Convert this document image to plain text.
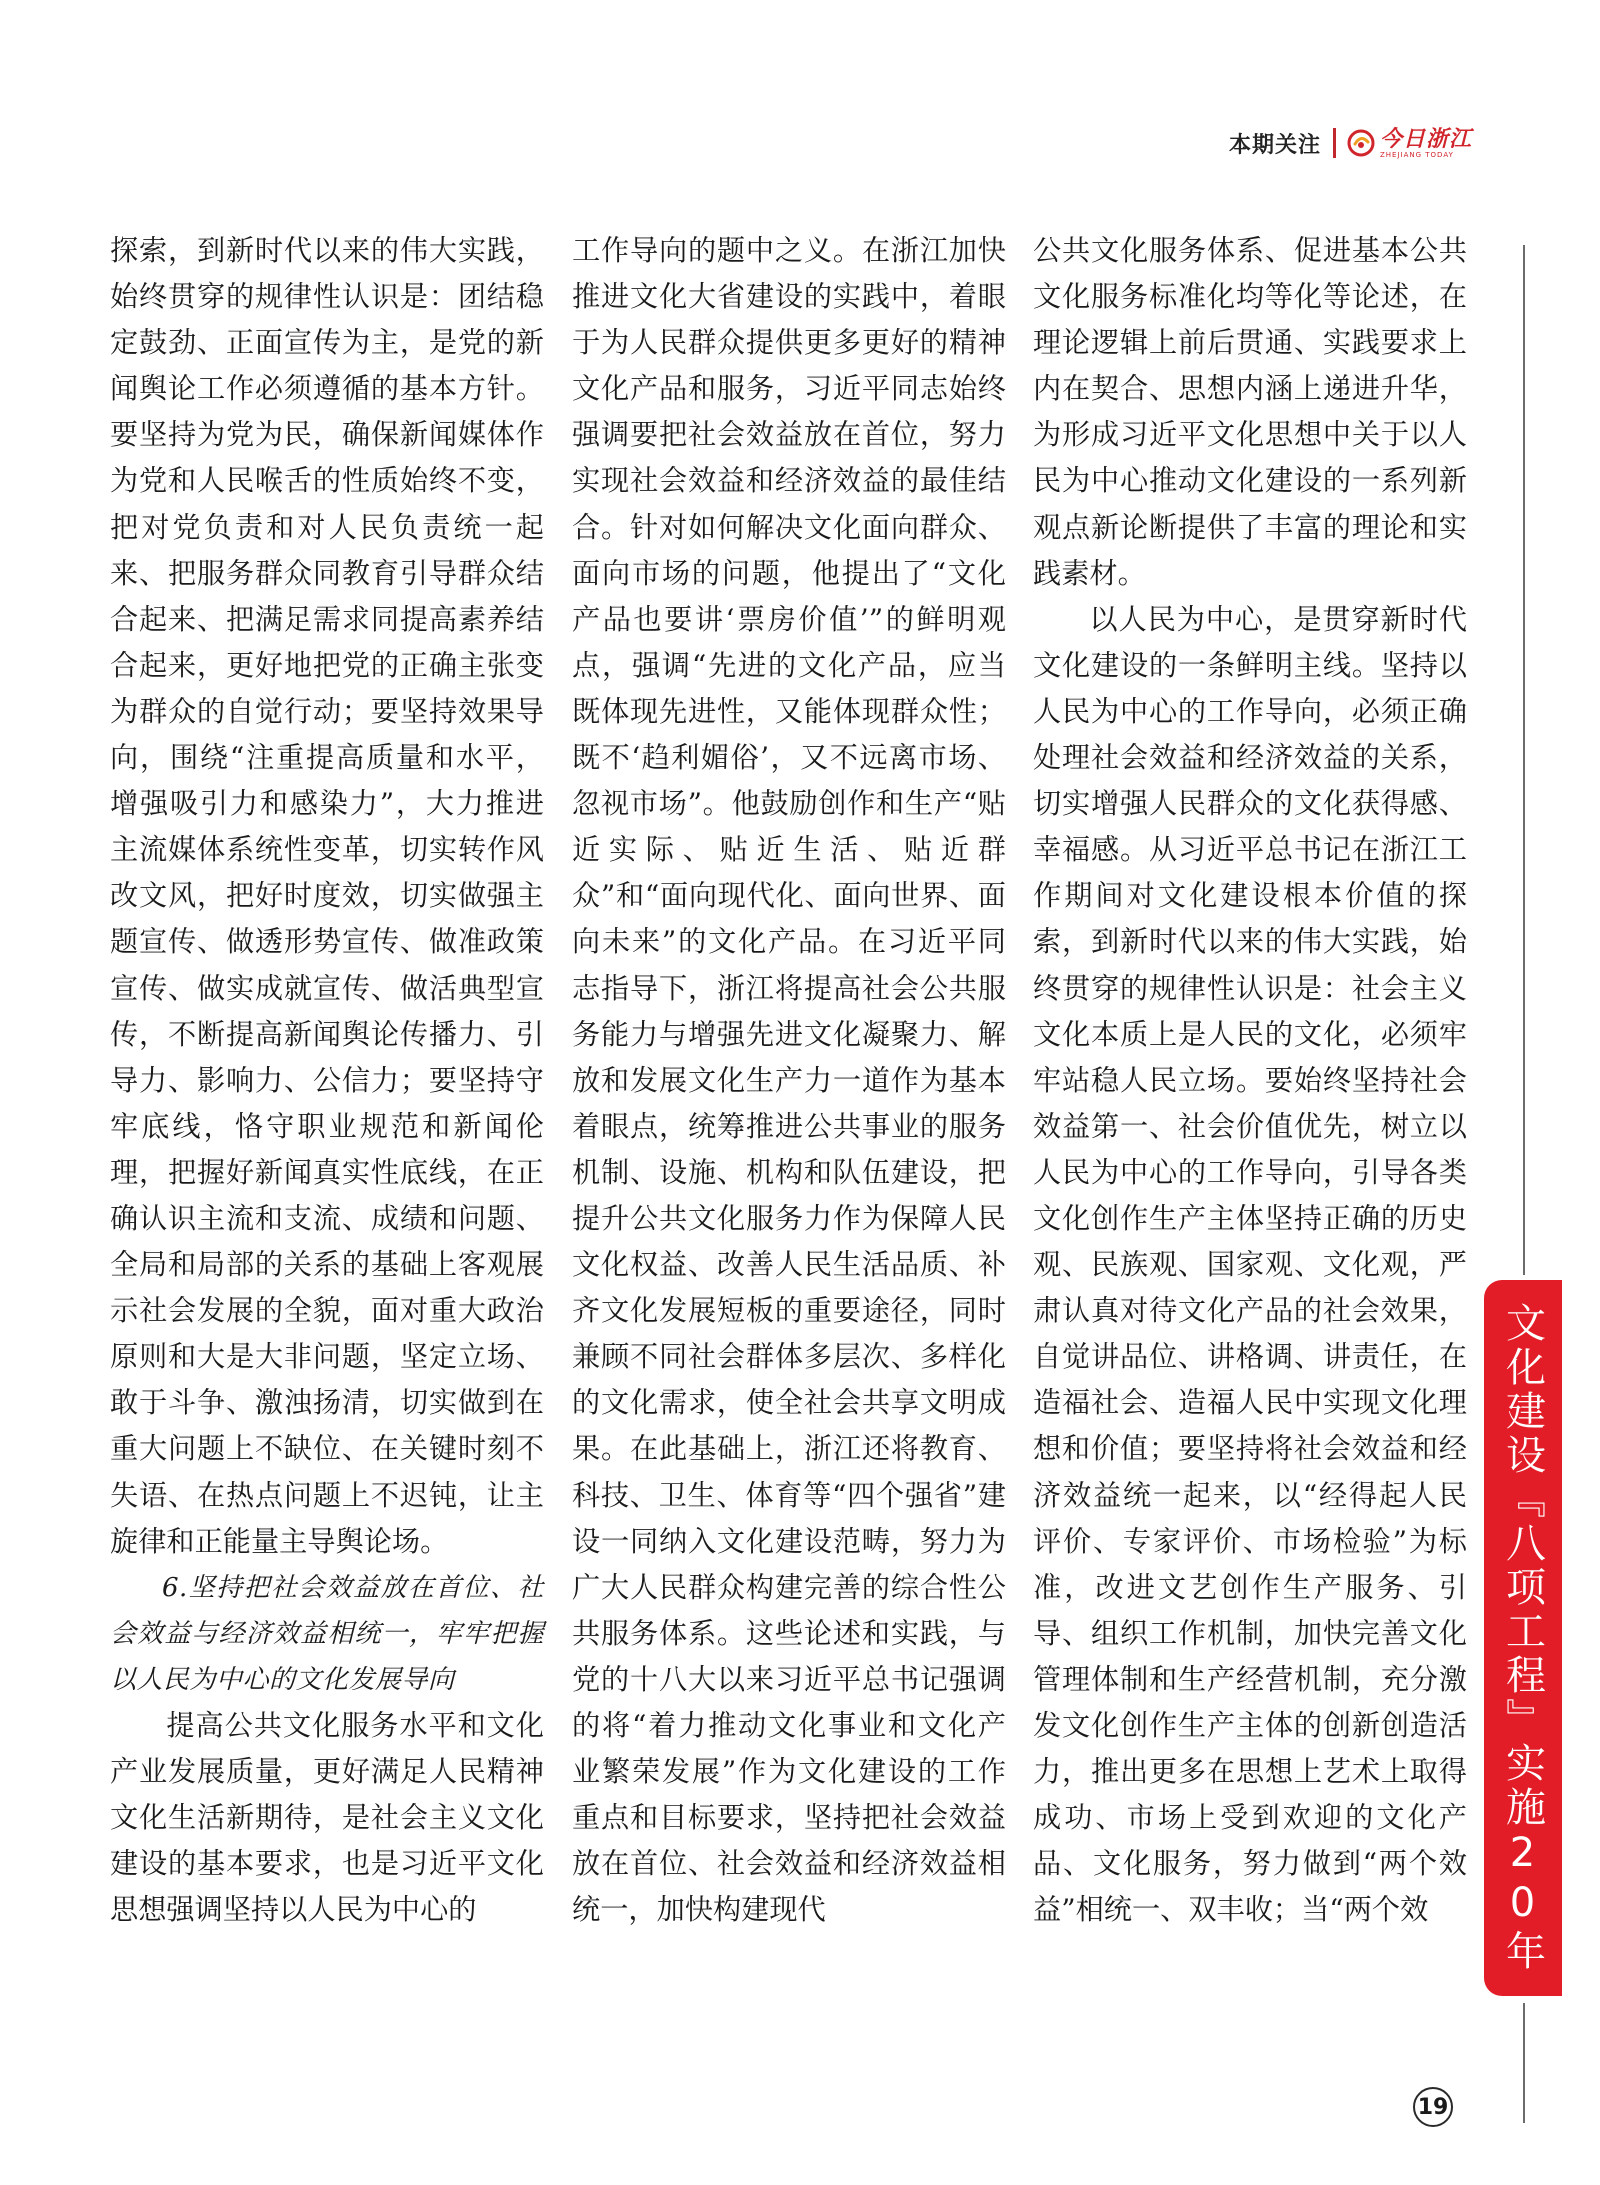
本期关注	今日浙江
ZHEJIANG TODAY

探索，到新时代以来的伟大实践，始终贯穿的规律性认识是：团结稳定鼓劲、正面宣传为主，是党的新闻舆论工作必须遵循的基本方针。要坚持为党为民，确保新闻媒体作为党和人民喉舌的性质始终不变，把对党负责和对人民负责统一起来、把服务群众同教育引导群众结合起来、把满足需求同提高素养结合起来，更好地把党的正确主张变为群众的自觉行动；要坚持效果导向，围绕“注重提高质量和水平，增强吸引力和感染力”，大力推进主流媒体系统性变革，切实转作风改文风，把好时度效，切实做强主题宣传、做透形势宣传、做准政策宣传、做实成就宣传、做活典型宣传，不断提高新闻舆论传播力、引导力、影响力、公信力；要坚持守牢底线，恪守职业规范和新闻伦理，把握好新闻真实性底线，在正确认识主流和支流、成绩和问题、全局和局部的关系的基础上客观展示社会发展的全貌，面对重大政治原则和大是大非问题，坚定立场、敢于斗争、激浊扬清，切实做到在重大问题上不缺位、在关键时刻不失语、在热点问题上不迟钝，让主旋律和正能量主导舆论场。

6.坚持把社会效益放在首位、社会效益与经济效益相统一，牢牢把握以人民为中心的文化发展导向

提高公共文化服务水平和文化产业发展质量，更好满足人民精神文化生活新期待，是社会主义文化建设的基本要求，也是习近平文化思想强调坚持以人民为中心的

工作导向的题中之义。在浙江加快推进文化大省建设的实践中，着眼于为人民群众提供更多更好的精神文化产品和服务，习近平同志始终强调要把社会效益放在首位，努力实现社会效益和经济效益的最佳结合。针对如何解决文化面向群众、面向市场的问题，他提出了“文化产品也要讲‘票房价值’”的鲜明观点，强调“先进的文化产品，应当既体现先进性，又能体现群众性；既不‘趋利媚俗’，又不远离市场、忽视市场”。他鼓励创作和生产“贴近实际、贴近生活、贴近群众”和“面向现代化、面向世界、面向未来”的文化产品。在习近平同志指导下，浙江将提高社会公共服务能力与增强先进文化凝聚力、解放和发展文化生产力一道作为基本着眼点，统筹推进公共事业的服务机制、设施、机构和队伍建设，把提升公共文化服务力作为保障人民文化权益、改善人民生活品质、补齐文化发展短板的重要途径，同时兼顾不同社会群体多层次、多样化的文化需求，使全社会共享文明成果。在此基础上，浙江还将教育、科技、卫生、体育等“四个强省”建设一同纳入文化建设范畴，努力为广大人民群众构建完善的综合性公共服务体系。这些论述和实践，与党的十八大以来习近平总书记强调的将“着力推动文化事业和文化产业繁荣发展”作为文化建设的工作重点和目标要求，坚持把社会效益放在首位、社会效益和经济效益相统一，加快构建现代

公共文化服务体系、促进基本公共文化服务标准化均等化等论述，在理论逻辑上前后贯通、实践要求上内在契合、思想内涵上递进升华，为形成习近平文化思想中关于以人民为中心推动文化建设的一系列新观点新论断提供了丰富的理论和实践素材。

以人民为中心，是贯穿新时代文化建设的一条鲜明主线。坚持以人民为中心的工作导向，必须正确处理社会效益和经济效益的关系，切实增强人民群众的文化获得感、幸福感。从习近平总书记在浙江工作期间对文化建设根本价值的探索，到新时代以来的伟大实践，始终贯穿的规律性认识是：社会主义文化本质上是人民的文化，必须牢牢站稳人民立场。要始终坚持社会效益第一、社会价值优先，树立以人民为中心的工作导向，引导各类文化创作生产主体坚持正确的历史观、民族观、国家观、文化观，严肃认真对待文化产品的社会效果，自觉讲品位、讲格调、讲责任，在造福社会、造福人民中实现文化理想和价值；要坚持将社会效益和经济效益统一起来，以“经得起人民评价、专家评价、市场检验”为标准，改进文艺创作生产服务、引导、组织工作机制，加快完善文化管理体制和生产经营机制，充分激发文化创作生产主体的创新创造活力，推出更多在思想上艺术上取得成功、市场上受到欢迎的文化产品、文化服务，努力做到“两个效益”相统一、双丰收；当“两个效	文化建设『八项工程』实施20年
19
